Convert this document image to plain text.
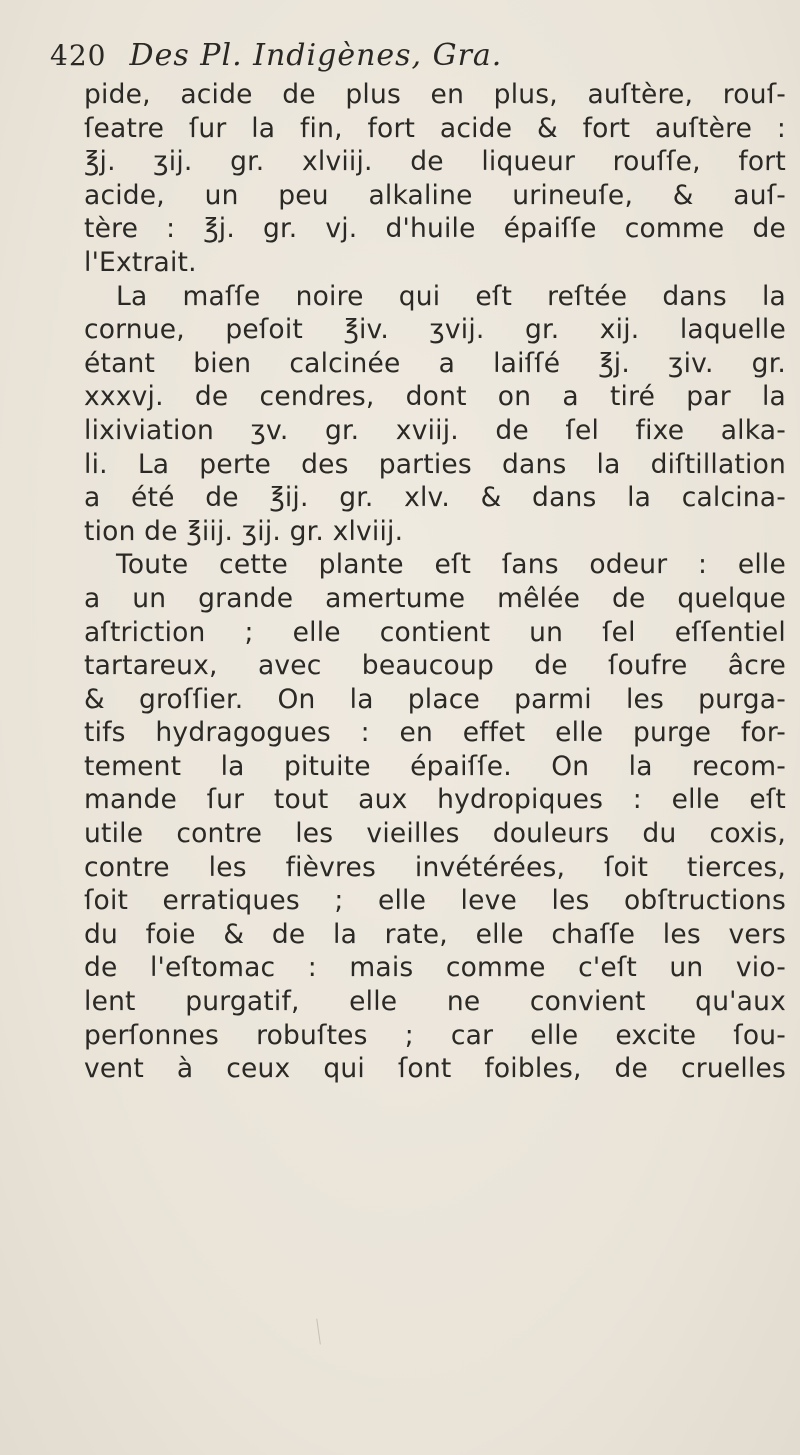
420 Des Pl. Indigènes, Gra.
pide, acide de plus en plus, auſtère, rouſ-
ſeatre ſur la fin, fort acide & fort auſtère :
℥j. ʒij. gr. xlviij. de liqueur rouſſe, fort
acide, un peu alkaline urineuſe, & auſ-
tère : ℥j. gr. vj. d'huile épaiſſe comme de
l'Extrait.
La maſſe noire qui eſt reſtée dans la
cornue, peſoit ℥iv. ʒvij. gr. xij. laquelle
étant bien calcinée a laiſſé ℥j. ʒiv. gr.
xxxvj. de cendres, dont on a tiré par la
lixiviation ʒv. gr. xviij. de ſel fixe alka-
li. La perte des parties dans la diſtillation
a été de ℥ij. gr. xlv. & dans la calcina-
tion de ℥iij. ʒij. gr. xlviij.
Toute cette plante eſt ſans odeur : elle
a un grande amertume mêlée de quelque
aſtriction ; elle contient un ſel eſſentiel
tartareux, avec beaucoup de ſoufre âcre
& groſſier. On la place parmi les purga-
tifs hydragogues : en effet elle purge for-
tement la pituite épaiſſe. On la recom-
mande ſur tout aux hydropiques : elle eſt
utile contre les vieilles douleurs du coxis,
contre les fièvres invétérées, ſoit tierces,
ſoit erratiques ; elle leve les obſtructions
du foie & de la rate, elle chaſſe les vers
de l'eſtomac : mais comme c'eſt un vio-
lent purgatif, elle ne convient qu'aux
perſonnes robuſtes ; car elle excite ſou-
vent à ceux qui ſont foibles, de cruelles
